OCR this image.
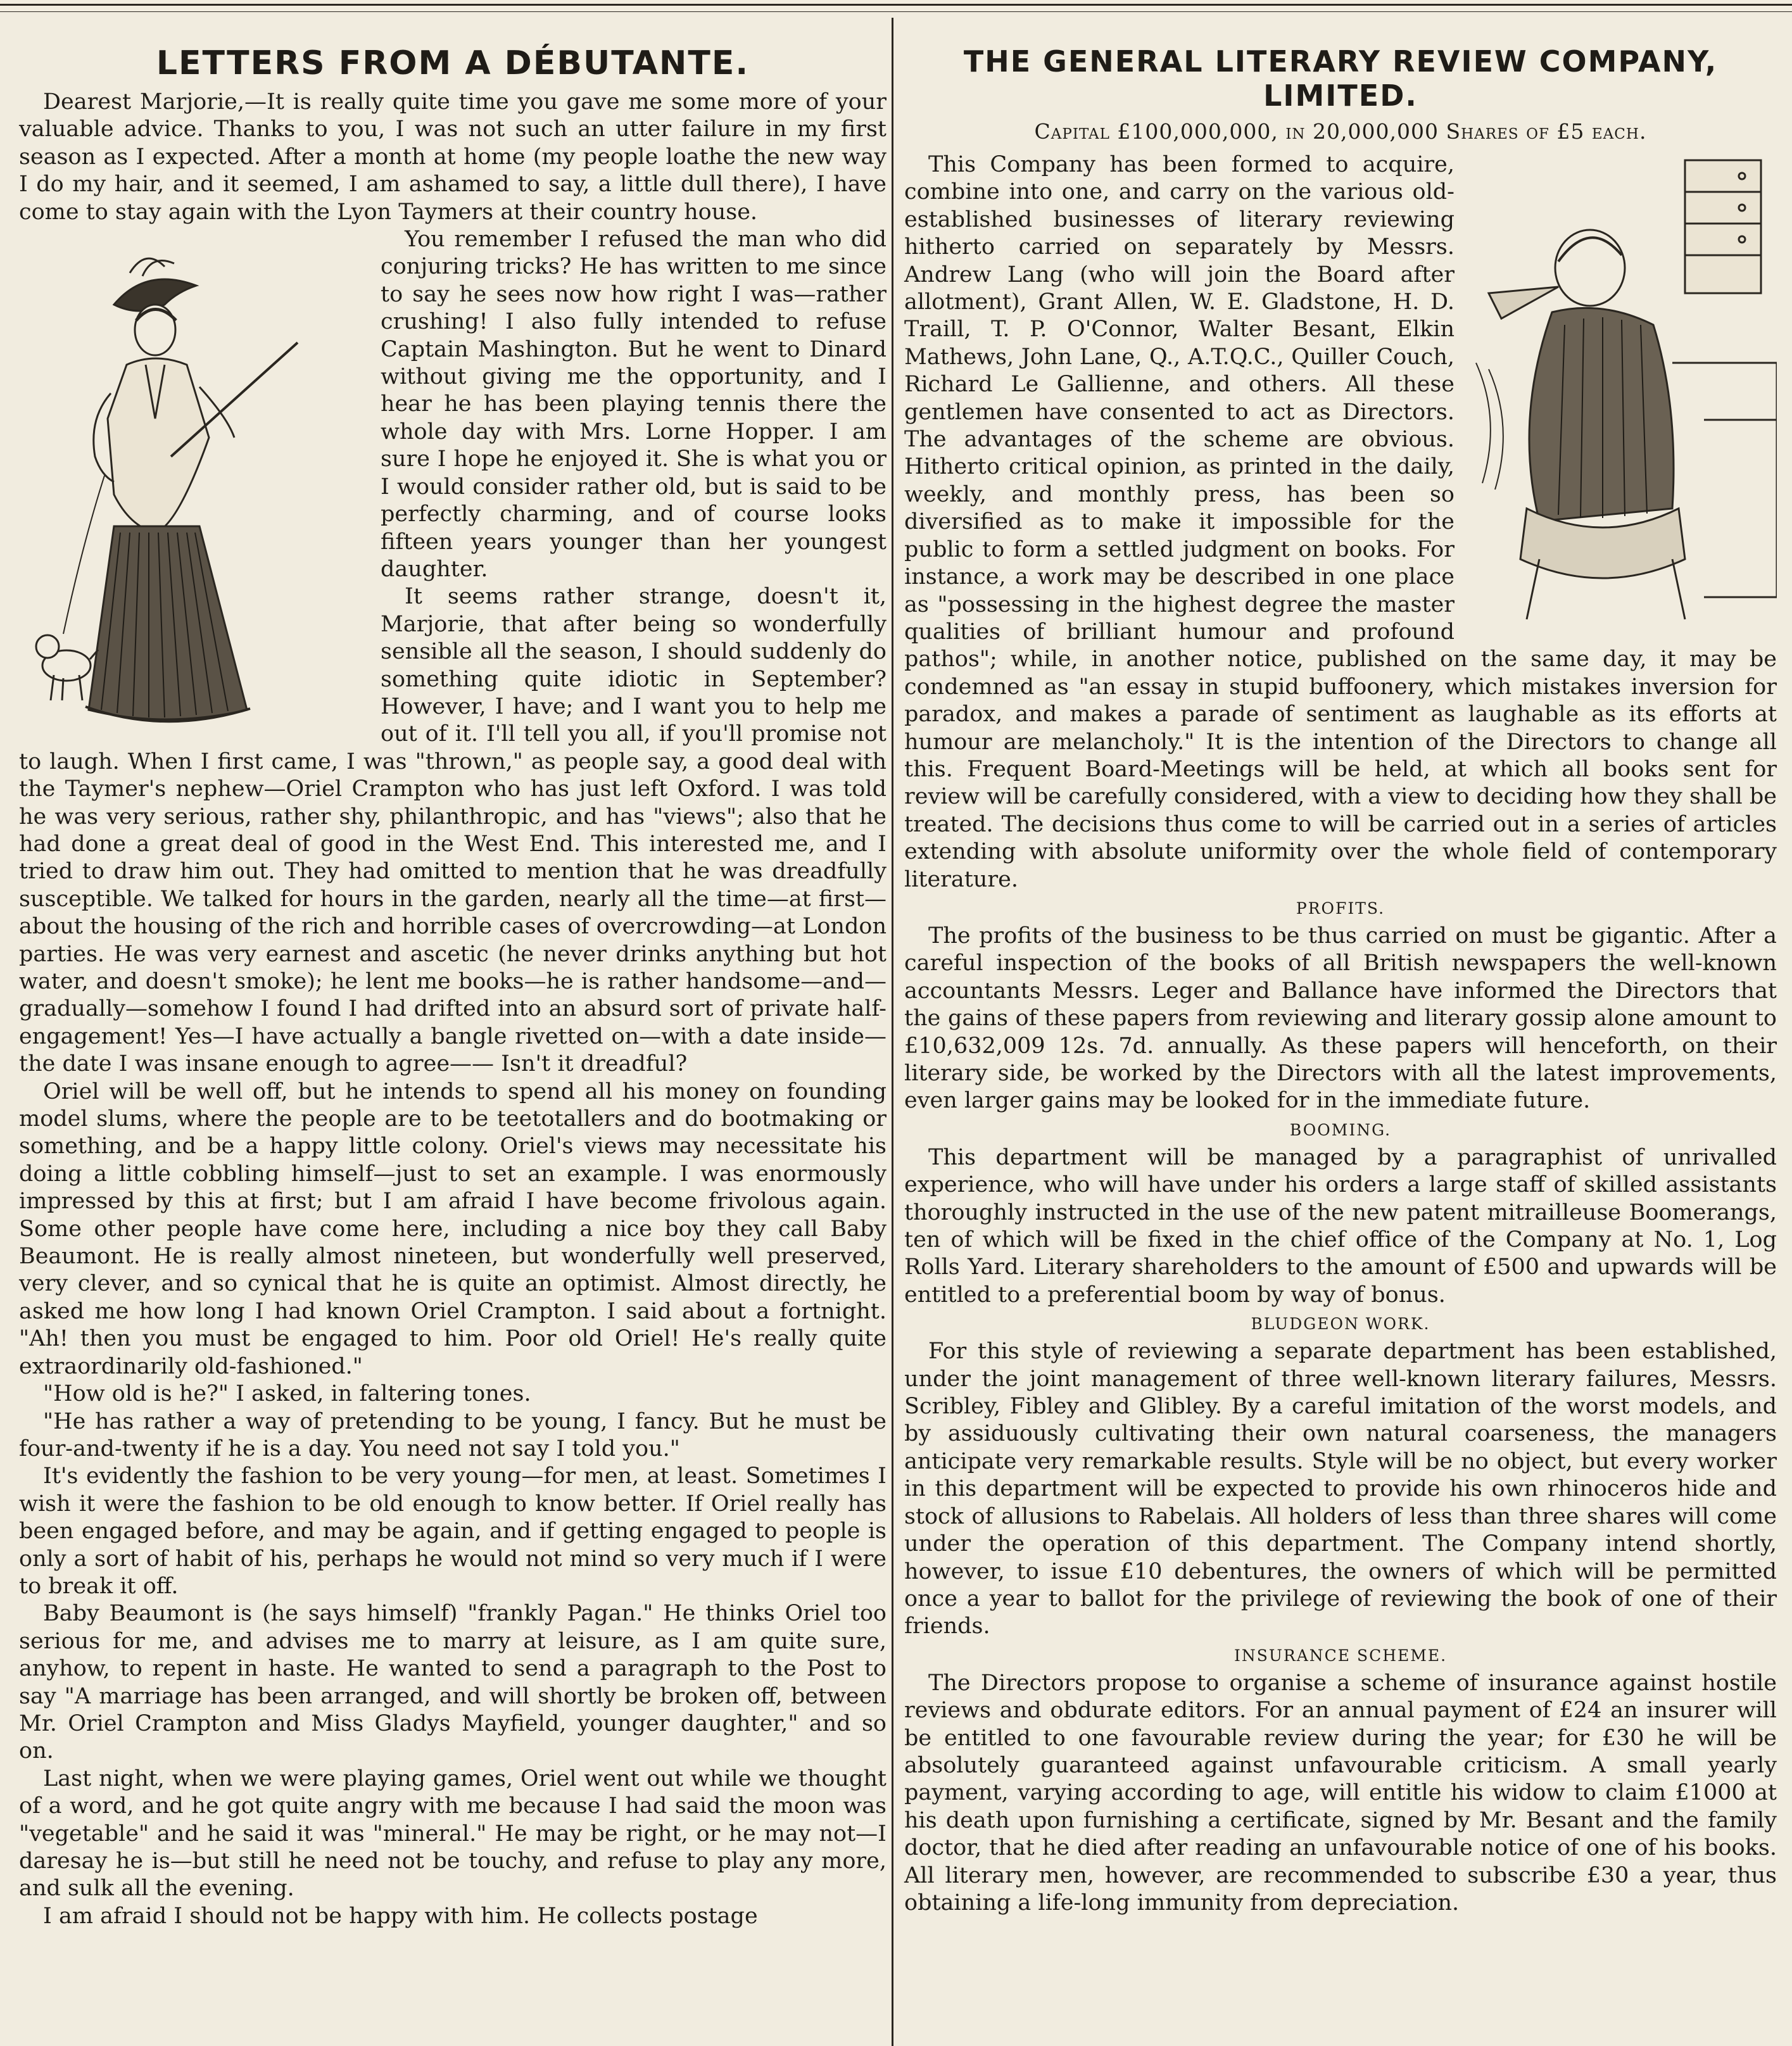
LETTERS FROM A DÉBUTANTE.

Dearest Marjorie,—It is really quite time you gave me some more of your valuable advice. Thanks to you, I was not such an utter failure in my first season as I expected. After a month at home (my people loathe the new way I do my hair, and it seemed, I am ashamed to say, a little dull there), I have come to stay again with the Lyon Taymers at their country house.

You remember I refused the man who did conjuring tricks? He has written to me since to say he sees now how right I was—rather crushing! I also fully intended to refuse Captain Mashington. But he went to Dinard without giving me the opportunity, and I hear he has been playing tennis there the whole day with Mrs. Lorne Hopper. I am sure I hope he enjoyed it. She is what you or I would consider rather old, but is said to be perfectly charming, and of course looks fifteen years younger than her youngest daughter.

It seems rather strange, doesn't it, Marjorie, that after being so wonderfully sensible all the season, I should suddenly do something quite idiotic in September? However, I have; and I want you to help me out of it. I'll tell you all, if you'll promise not to laugh. When I first came, I was "thrown," as people say, a good deal with the Taymer's nephew—Oriel Crampton who has just left Oxford. I was told he was very serious, rather shy, philanthropic, and has "views"; also that he had done a great deal of good in the West End. This interested me, and I tried to draw him out. They had omitted to mention that he was dreadfully susceptible. We talked for hours in the garden, nearly all the time—at first—about the housing of the rich and horrible cases of overcrowding—at London parties. He was very earnest and ascetic (he never drinks anything but hot water, and doesn't smoke); he lent me books—he is rather handsome—and—gradually—somehow I found I had drifted into an absurd sort of private half-engagement! Yes—I have actually a bangle rivetted on—with a date inside—the date I was insane enough to agree—— Isn't it dreadful?

Oriel will be well off, but he intends to spend all his money on founding model slums, where the people are to be teetotallers and do bootmaking or something, and be a happy little colony. Oriel's views may necessitate his doing a little cobbling himself—just to set an example. I was enormously impressed by this at first; but I am afraid I have become frivolous again. Some other people have come here, including a nice boy they call Baby Beaumont. He is really almost nineteen, but wonderfully well preserved, very clever, and so cynical that he is quite an optimist. Almost directly, he asked me how long I had known Oriel Crampton. I said about a fortnight. "Ah! then you must be engaged to him. Poor old Oriel! He's really quite extraordinarily old-fashioned."

"How old is he?" I asked, in faltering tones.

"He has rather a way of pretending to be young, I fancy. But he must be four-and-twenty if he is a day. You need not say I told you."

It's evidently the fashion to be very young—for men, at least. Sometimes I wish it were the fashion to be old enough to know better. If Oriel really has been engaged before, and may be again, and if getting engaged to people is only a sort of habit of his, perhaps he would not mind so very much if I were to break it off.

Baby Beaumont is (he says himself) "frankly Pagan." He thinks Oriel too serious for me, and advises me to marry at leisure, as I am quite sure, anyhow, to repent in haste. He wanted to send a paragraph to the Post to say "A marriage has been arranged, and will shortly be broken off, between Mr. Oriel Crampton and Miss Gladys Mayfield, younger daughter," and so on.

Last night, when we were playing games, Oriel went out while we thought of a word, and he got quite angry with me because I had said the moon was "vegetable" and he said it was "mineral." He may be right, or he may not—I daresay he is—but still he need not be touchy, and refuse to play any more, and sulk all the evening.

I am afraid I should not be happy with him. He collects postage

THE GENERAL LITERARY REVIEW COMPANY, LIMITED.
Capital £100,000,000, in 20,000,000 Shares of £5 each.

This Company has been formed to acquire, combine into one, and carry on the various old-established businesses of literary reviewing hitherto carried on separately by Messrs. Andrew Lang (who will join the Board after allotment), Grant Allen, W. E. Gladstone, H. D. Traill, T. P. O'Connor, Walter Besant, Elkin Mathews, John Lane, Q., A.T.Q.C., Quiller Couch, Richard Le Gallienne, and others. All these gentlemen have consented to act as Directors. The advantages of the scheme are obvious. Hitherto critical opinion, as printed in the daily, weekly, and monthly press, has been so diversified as to make it impossible for the public to form a settled judgment on books. For instance, a work may be described in one place as "possessing in the highest degree the master qualities of brilliant humour and profound pathos"; while, in another notice, published on the same day, it may be condemned as "an essay in stupid buffoonery, which mistakes inversion for paradox, and makes a parade of sentiment as laughable as its efforts at humour are melancholy." It is the intention of the Directors to change all this. Frequent Board-Meetings will be held, at which all books sent for review will be carefully considered, with a view to deciding how they shall be treated. The decisions thus come to will be carried out in a series of articles extending with absolute uniformity over the whole field of contemporary literature.

PROFITS.

The profits of the business to be thus carried on must be gigantic. After a careful inspection of the books of all British newspapers the well-known accountants Messrs. Leger and Ballance have informed the Directors that the gains of these papers from reviewing and literary gossip alone amount to £10,632,009 12s. 7d. annually. As these papers will henceforth, on their literary side, be worked by the Directors with all the latest improvements, even larger gains may be looked for in the immediate future.

BOOMING.

This department will be managed by a paragraphist of unrivalled experience, who will have under his orders a large staff of skilled assistants thoroughly instructed in the use of the new patent mitrailleuse Boomerangs, ten of which will be fixed in the chief office of the Company at No. 1, Log Rolls Yard. Literary shareholders to the amount of £500 and upwards will be entitled to a preferential boom by way of bonus.

BLUDGEON WORK.

For this style of reviewing a separate department has been established, under the joint management of three well-known literary failures, Messrs. Scribley, Fibley and Glibley. By a careful imitation of the worst models, and by assiduously cultivating their own natural coarseness, the managers anticipate very remarkable results. Style will be no object, but every worker in this department will be expected to provide his own rhinoceros hide and stock of allusions to Rabelais. All holders of less than three shares will come under the operation of this department. The Company intend shortly, however, to issue £10 debentures, the owners of which will be permitted once a year to ballot for the privilege of reviewing the book of one of their friends.

INSURANCE SCHEME.

The Directors propose to organise a scheme of insurance against hostile reviews and obdurate editors. For an annual payment of £24 an insurer will be entitled to one favourable review during the year; for £30 he will be absolutely guaranteed against unfavourable criticism. A small yearly payment, varying according to age, will entitle his widow to claim £1000 at his death upon furnishing a certificate, signed by Mr. Besant and the family doctor, that he died after reading an unfavourable notice of one of his books. All literary men, however, are recommended to subscribe £30 a year, thus obtaining a life-long immunity from depreciation.
